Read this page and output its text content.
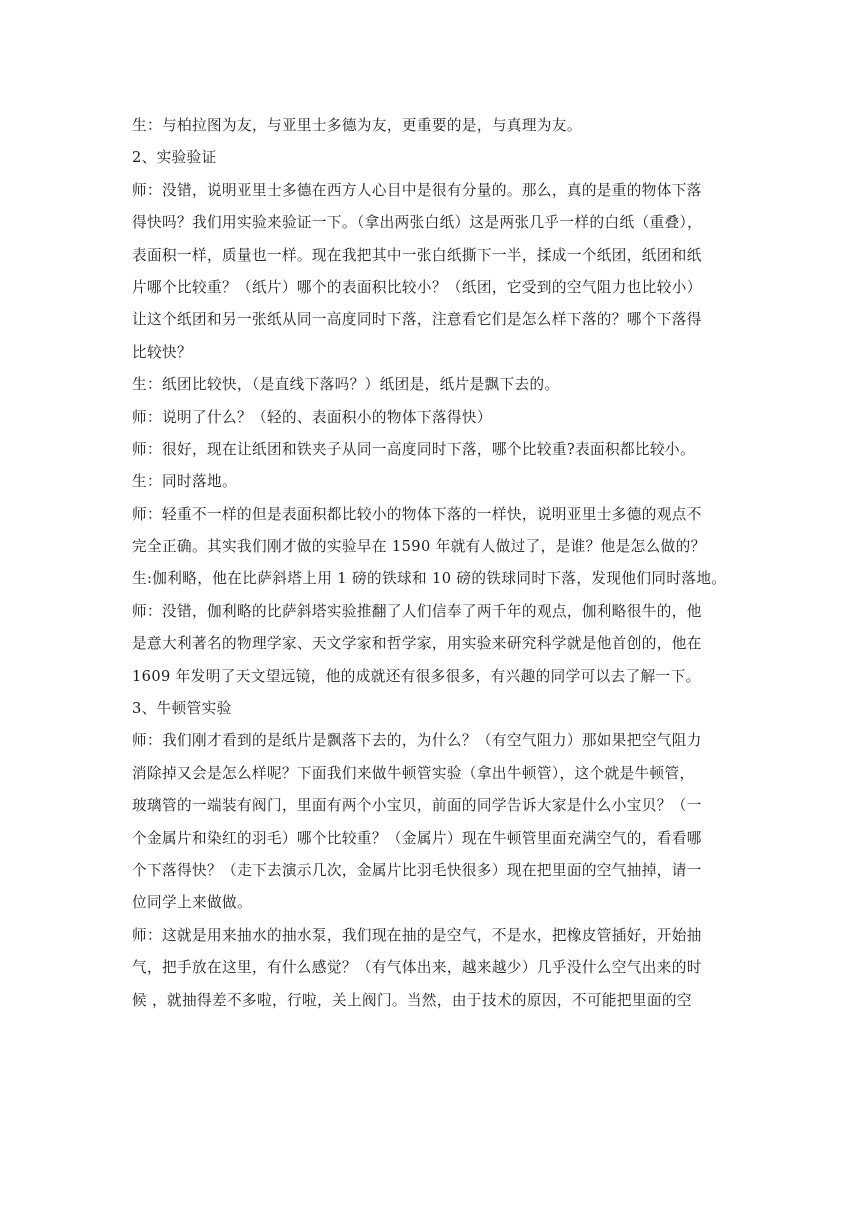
生：与柏拉图为友，与亚里士多德为友，更重要的是，与真理为友。
2、实验验证
师：没错，说明亚里士多德在西方人心目中是很有分量的。那么，真的是重的物体下落
得快吗？我们用实验来验证一下。（拿出两张白纸）这是两张几乎一样的白纸（重叠），
表面积一样，质量也一样。现在我把其中一张白纸撕下一半，揉成一个纸团，纸团和纸
片哪个比较重？（纸片）哪个的表面积比较小？（纸团，它受到的空气阻力也比较小）
让这个纸团和另一张纸从同一高度同时下落，注意看它们是怎么样下落的？哪个下落得
比较快？
生：纸团比较快，（是直线下落吗？）纸团是，纸片是飘下去的。
师：说明了什么？（轻的、表面积小的物体下落得快）
师：很好，现在让纸团和铁夹子从同一高度同时下落，哪个比较重?表面积都比较小。
生：同时落地。
师：轻重不一样的但是表面积都比较小的物体下落的一样快，说明亚里士多德的观点不
完全正确。其实我们刚才做的实验早在 1590 年就有人做过了，是谁？他是怎么做的？
生:伽利略，他在比萨斜塔上用 1 磅的铁球和 10 磅的铁球同时下落，发现他们同时落地。
师：没错，伽利略的比萨斜塔实验推翻了人们信奉了两千年的观点，伽利略很牛的，他
是意大利著名的物理学家、天文学家和哲学家，用实验来研究科学就是他首创的，他在
1609 年发明了天文望远镜，他的成就还有很多很多，有兴趣的同学可以去了解一下。
3、牛顿管实验
师：我们刚才看到的是纸片是飘落下去的，为什么？（有空气阻力）那如果把空气阻力
消除掉又会是怎么样呢？下面我们来做牛顿管实验（拿出牛顿管），这个就是牛顿管，
玻璃管的一端装有阀门，里面有两个小宝贝，前面的同学告诉大家是什么小宝贝？（一
个金属片和染红的羽毛）哪个比较重？（金属片）现在牛顿管里面充满空气的，看看哪
个下落得快？（走下去演示几次，金属片比羽毛快很多）现在把里面的空气抽掉，请一
位同学上来做做。
师：这就是用来抽水的抽水泵，我们现在抽的是空气，不是水，把橡皮管插好，开始抽
气，把手放在这里，有什么感觉？（有气体出来，越来越少）几乎没什么空气出来的时
候 ，就抽得差不多啦，行啦，关上阀门。当然，由于技术的原因，不可能把里面的空
